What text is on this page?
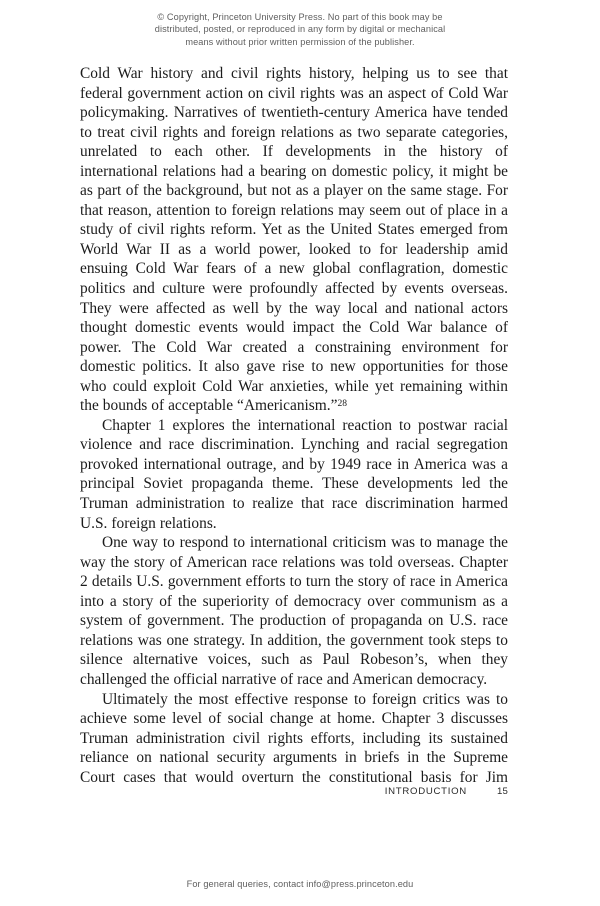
© Copyright, Princeton University Press. No part of this book may be
distributed, posted, or reproduced in any form by digital or mechanical
means without prior written permission of the publisher.

Cold War history and civil rights history, helping us to see that federal government action on civil rights was an aspect of Cold War policymaking. Narratives of twentieth-century America have tended to treat civil rights and foreign relations as two separate categories, unrelated to each other. If developments in the history of international relations had a bearing on domestic policy, it might be as part of the background, but not as a player on the same stage. For that reason, attention to foreign relations may seem out of place in a study of civil rights reform. Yet as the United States emerged from World War II as a world power, looked to for leadership amid ensuing Cold War fears of a new global conflagration, domestic politics and culture were profoundly affected by events overseas. They were affected as well by the way local and national actors thought domestic events would impact the Cold War balance of power. The Cold War created a constraining environment for domestic politics. It also gave rise to new opportunities for those who could exploit Cold War anxieties, while yet remaining within the bounds of acceptable “Americanism.”$^{28}$

Chapter 1 explores the international reaction to postwar racial violence and race discrimination. Lynching and racial segregation provoked international outrage, and by 1949 race in America was a principal Soviet propaganda theme. These developments led the Truman administration to realize that race discrimination harmed U.S. foreign relations.

One way to respond to international criticism was to manage the way the story of American race relations was told overseas. Chapter 2 details U.S. government efforts to turn the story of race in America into a story of the superiority of democracy over communism as a system of government. The production of propaganda on U.S. race relations was one strategy. In addition, the government took steps to silence alternative voices, such as Paul Robeson’s, when they challenged the official narrative of race and American democracy.

Ultimately the most effective response to foreign critics was to achieve some level of social change at home. Chapter 3 discusses Truman administration civil rights efforts, including its sustained reliance on national security arguments in briefs in the Supreme Court cases that would overturn the constitutional basis for Jim

INTRODUCTION	15
For general queries, contact info@press.princeton.edu
